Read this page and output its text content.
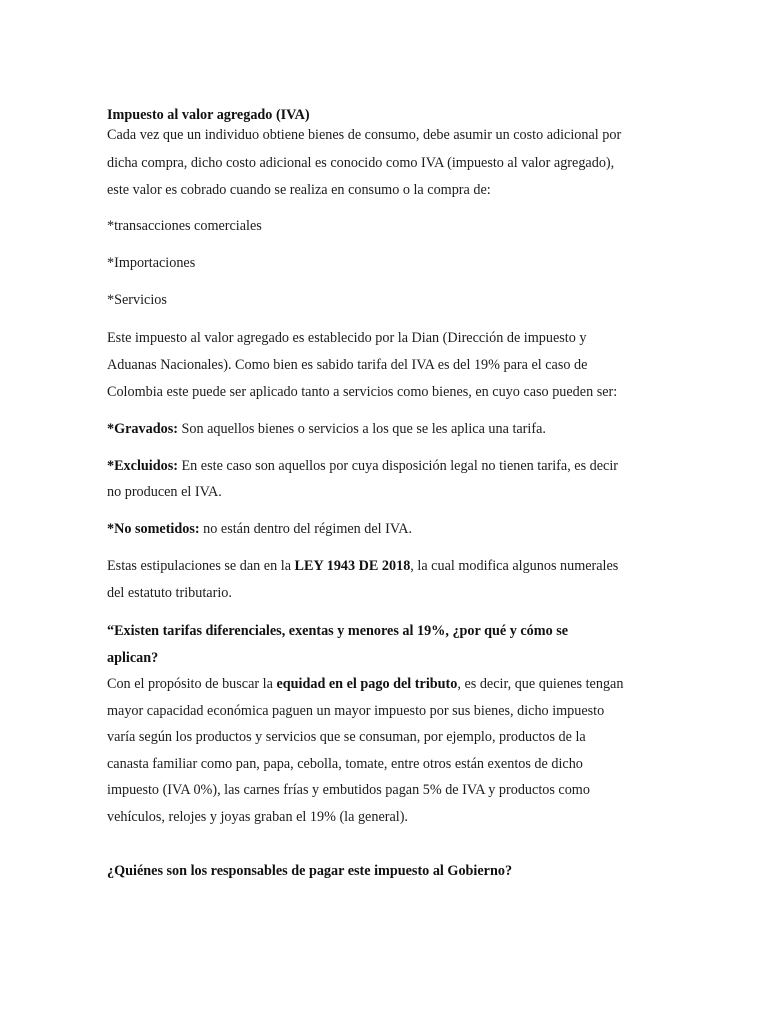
Impuesto al valor agregado (IVA)
Cada vez que un individuo obtiene bienes de consumo, debe asumir un costo adicional por
dicha compra, dicho costo adicional es conocido como IVA (impuesto al valor agregado),
este valor es cobrado cuando se realiza en consumo o la compra de:
*transacciones comerciales
*Importaciones
*Servicios
Este impuesto al valor agregado es establecido por la Dian (Dirección de impuesto y
Aduanas Nacionales). Como bien es sabido tarifa del IVA es del 19% para el caso de
Colombia este puede ser aplicado tanto a servicios como bienes, en cuyo caso pueden ser:
*Gravados: Son aquellos bienes o servicios a los que se les aplica una tarifa.
*Excluidos: En este caso son aquellos por cuya disposición legal no tienen tarifa, es decir
no producen el IVA.
*No sometidos: no están dentro del régimen del IVA.
Estas estipulaciones se dan en la LEY 1943 DE 2018, la cual modifica algunos numerales
del estatuto tributario.
“Existen tarifas diferenciales, exentas y menores al 19%, ¿por qué y cómo se
aplican?
Con el propósito de buscar la equidad en el pago del tributo, es decir, que quienes tengan
mayor capacidad económica paguen un mayor impuesto por sus bienes, dicho impuesto
varía según los productos y servicios que se consuman, por ejemplo, productos de la
canasta familiar como pan, papa, cebolla, tomate, entre otros están exentos de dicho
impuesto (IVA 0%), las carnes frías y embutidos pagan 5% de IVA y productos como
vehículos, relojes y joyas graban el 19% (la general).
¿Quiénes son los responsables de pagar este impuesto al Gobierno?
